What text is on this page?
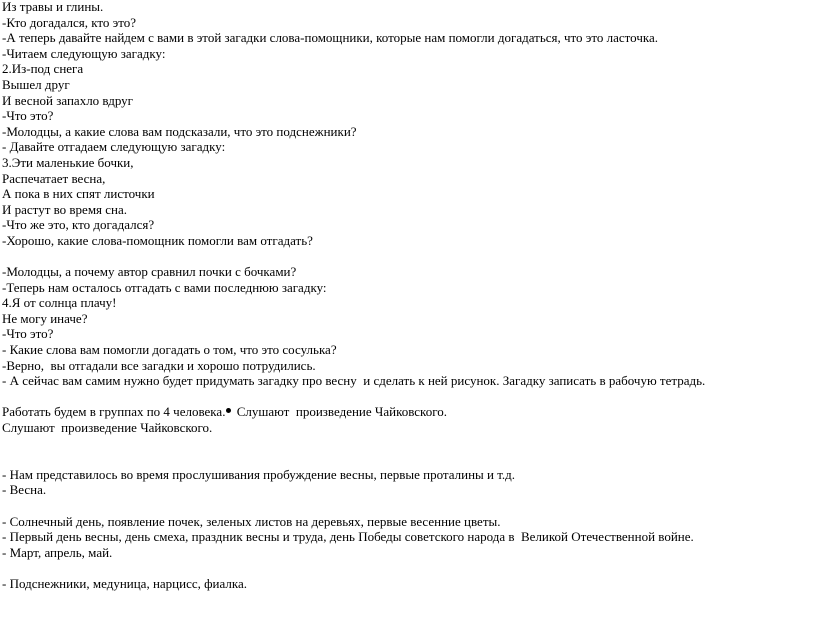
Из травы и глины.
-Кто догадался, кто это?
-А теперь давайте найдем с вами в этой загадки слова-помощники, которые нам помогли догадаться, что это ласточка.
-Читаем следующую загадку:
2.Из-под снега
Вышел друг
И весной запахло вдруг
-Что это?
-Молодцы, а какие слова вам подсказали, что это подснежники?
- Давайте отгадаем следующую загадку:
3.Эти маленькие бочки,
Распечатает весна,
А пока в них спят листочки
И растут во время сна.
-Что же это, кто догадался?
-Хорошо, какие слова-помощник помогли вам отгадать?
-Молодцы, а почему автор сравнил почки с бочками?
-Теперь нам осталось отгадать с вами последнюю загадку:
4.Я от солнца плачу!
Не могу иначе?
-Что это?
- Какие слова вам помогли догадать о том, что это сосулька?
-Верно,  вы отгадали все загадки и хорошо потрудились.
- А сейчас вам самим нужно будет придумать загадку про весну  и сделать к ней рисунок. Загадку записать в рабочую тетрадь.
Работать будем в группах по 4 человека. Слушают  произведение Чайковского.
Слушают  произведение Чайковского.
- Нам представилось во время прослушивания пробуждение весны, первые проталины и т.д.
- Весна.
- Солнечный день, появление почек, зеленых листов на деревьях, первые весенние цветы.
- Первый день весны, день смеха, праздник весны и труда, день Победы советского народа в  Великой Отечественной войне.
- Март, апрель, май.
- Подснежники, медуница, нарцисс, фиалка.
